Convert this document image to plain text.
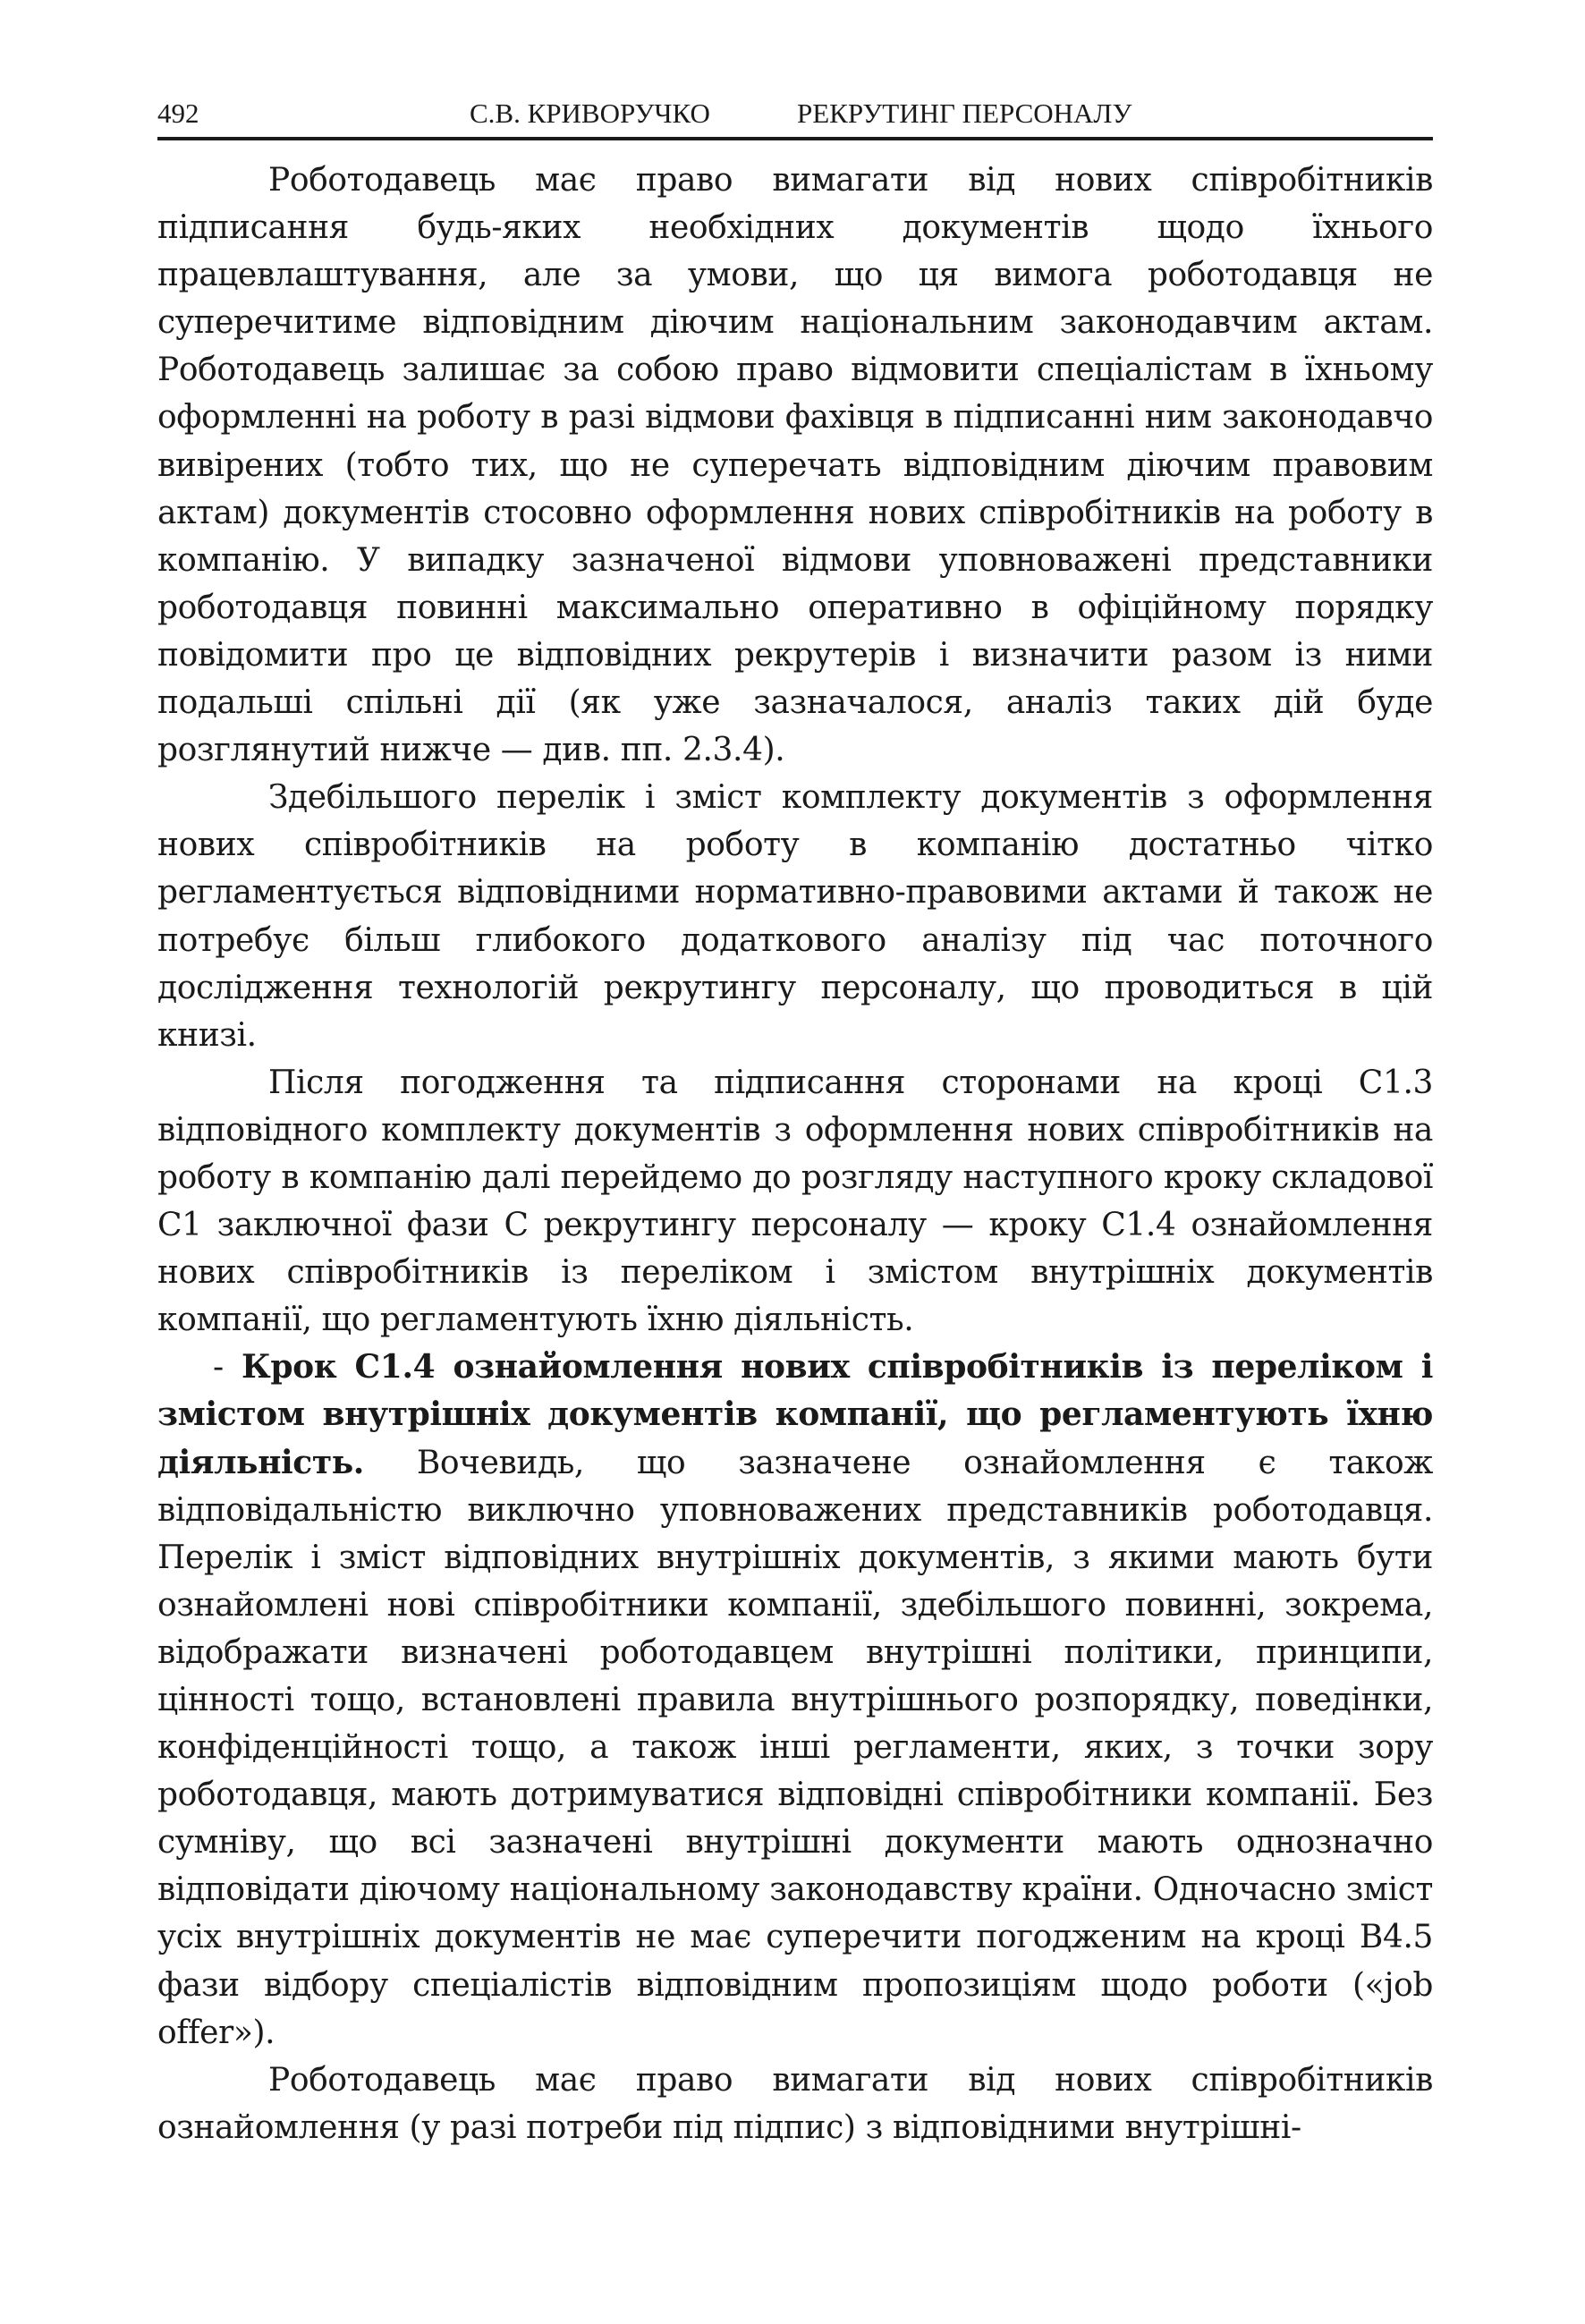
492	С.В. КРИВОРУЧКО	РЕКРУТИНГ ПЕРСОНАЛУ

Роботодавець має право вимагати від нових співробітників підписання будь-яких необхідних документів щодо їхнього працевлаштування, але за умови, що ця вимога роботодавця не суперечитиме відповідним діючим національним законодавчим актам. Роботодавець залишає за собою право відмовити спеціалістам в їхньому оформленні на роботу в разі відмови фахівця в підписанні ним законодавчо вивірених (тобто тих, що не суперечать відповідним діючим правовим актам) документів стосовно оформлення нових співробітників на роботу в компанію. У випадку зазначеної відмови уповноважені представники роботодавця повинні максимально оперативно в офіційному порядку повідомити про це відповідних рекрутерів і визначити разом із ними подальші спільні дії (як уже зазначалося, аналіз таких дій буде розглянутий нижче — див. пп. 2.3.4).

Здебільшого перелік і зміст комплекту документів з оформлення нових співробітників на роботу в компанію достатньо чітко регламентується відповідними нормативно-правовими актами й також не потребує більш глибокого додаткового аналізу під час поточного дослідження технологій рекрутингу персоналу, що проводиться в цій книзі.

Після погодження та підписання сторонами на кроці С1.3 відповідного комплекту документів з оформлення нових співробітників на роботу в компанію далі перейдемо до розгляду наступного кроку складової С1 заключної фази С рекрутингу персоналу — кроку С1.4 ознайомлення нових співробітників із переліком і змістом внутрішніх документів компанії, що регламентують їхню діяльність.

- Крок С1.4 ознайомлення нових співробітників із переліком і змістом внутрішніх документів компанії, що регламентують їхню діяльність. Вочевидь, що зазначене ознайомлення є також відповідальністю виключно уповноважених представників роботодавця. Перелік і зміст відповідних внутрішніх документів, з якими мають бути ознайомлені нові співробітники компанії, здебільшого повинні, зокрема, відображати визначені роботодавцем внутрішні політики, принципи, цінності тощо, встановлені правила внутрішнього розпорядку, поведінки, конфіденційності тощо, а також інші регламенти, яких, з точки зору роботодавця, мають дотримуватися відповідні співробітники компанії. Без сумніву, що всі зазначені внутрішні документи мають однозначно відповідати діючому національному законодавству країни. Одночасно зміст усіх внутрішніх документів не має суперечити погодженим на кроці В4.5 фази відбору спеціалістів відповідним пропозиціям щодо роботи («job offer»).

Роботодавець має право вимагати від нових співробітників ознайомлення (у разі потреби під підпис) з відповідними внутрішні-
